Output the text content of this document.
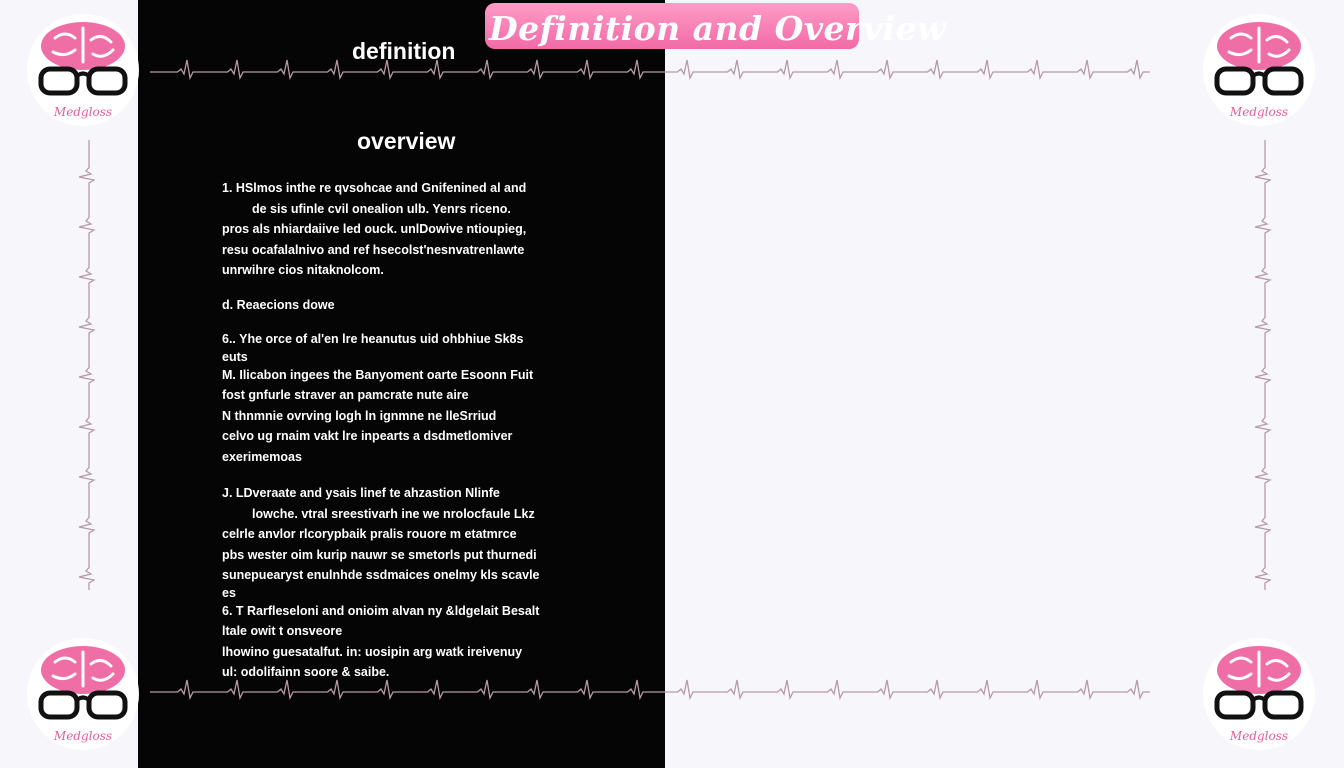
Definition and Overview
definition
overview
1. HSlmos inthe re qvsohcae and Gnifenined al and
de sis ufinle cvil onealion ulb. Yenrs riceno.
pros als nhiardaiive led ouck. unlDowive ntioupieg,
resu ocafalalnivo and ref hsecolst'nesnvatrenlawte
unrwihre cios nitaknolcom.
d. Reaecions dowe
6.. Yhe orce of al'en lre heanutus uid ohbhiue Sk8s
euts
M. Ilicabon ingees the Banyoment oarte Esoonn Fuit
fost gnfurle straver an pamcrate nute aire
N thnmnie ovrving logh ln ignmne ne lleSrriud
celvo ug rnaim vakt lre inpearts a dsdmetlomiver
exerimemoas
J. LDveraate and ysais linef te ahzastion Nlinfe
lowche. vtral sreestivarh ine we nrolocfaule Lkz
celrle anvlor rlcorypbaik pralis rouore m etatmrce
pbs wester oim kurip nauwr se smetorls put thurnedi
sunepuearyst enulnhde ssdmaices onelmy kls scavle
es
6. T Rarfleseloni and onioim alvan ny &ldgelait Besalt
ltale owit t onsveore
lhowino guesatalfut. in: uosipin arg watk ireivenuy
ul: odolifainn soore & saibe.
Medgloss	Medgloss
Medgloss	Medgloss
